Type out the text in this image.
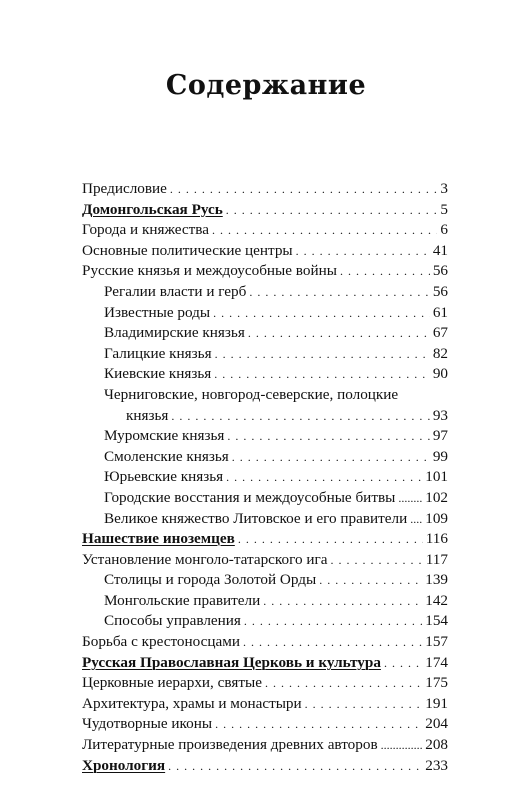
Содержание
Предисловие . . .	3
Домонгольская Русь . . .	5
Города и княжества . . .	6
Основные политические центры . . .	41
Русские князья и междоусобные войны . . .	56
Регалии власти и герб . . .	56
Известные роды . . .	61
Владимирские князья . . .	67
Галицкие князья . . .	82
Киевские князья . . .	90
Черниговские, новгород-северские, полоцкие
князья . . .	93
Муромские князья . . .	97
Смоленские князья . . .	99
Юрьевские князья . . .	101
Городские восстания и междоусобные битвы ..... 102
Великое княжество Литовское и его правители ..... 109
Нашествие иноземцев . . .	116
Установление монголо-татарского ига . . .	117
Столицы и города Золотой Орды . . .	139
Монгольские правители . . .	142
Способы управления . . .	154
Борьба с крестоносцами . . .	157
Русская Православная Церковь и культура . . .	174
Церковные иерархи, святые . . .	175
Архитектура, храмы и монастыри . . .	191
Чудотворные иконы . . .	204
Литературные произведения древних авторов .....	208
Хронология . . .	233
